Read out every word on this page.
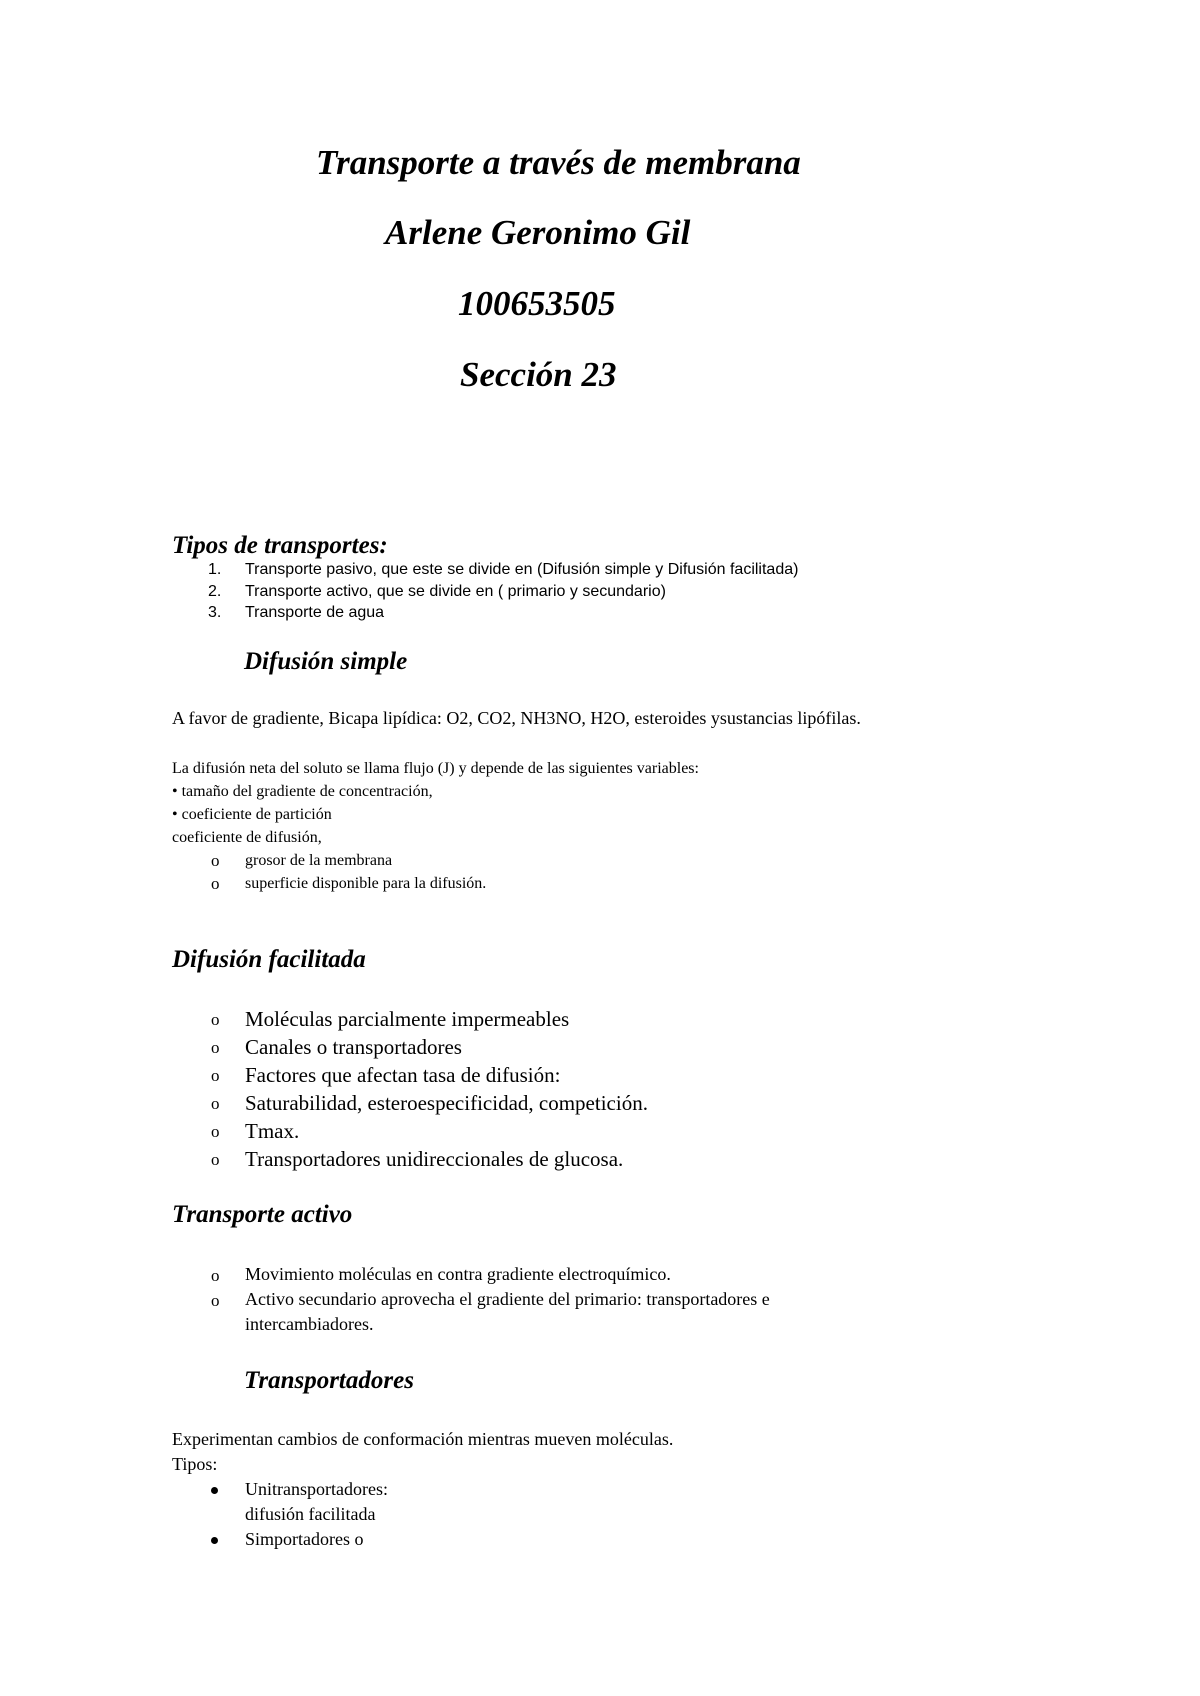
Transporte a través de membrana
Arlene Geronimo Gil
100653505
Sección 23
Tipos de transportes:
1. Transporte pasivo, que este se divide en (Difusión simple y Difusión facilitada)
2. Transporte activo, que se divide en ( primario y secundario)
3. Transporte de agua
Difusión simple
A favor de gradiente, Bicapa lipídica: O2, CO2, NH3NO, H2O, esteroides ysustancias lipófilas.
La difusión neta del soluto se llama flujo (J) y depende de las siguientes variables:
• tamaño del gradiente de concentración,
• coeficiente de partición
coeficiente de difusión,
o grosor de la membrana
o superficie disponible para la difusión.
Difusión facilitada
o Moléculas parcialmente impermeables
o Canales o transportadores
o Factores que afectan tasa de difusión:
o Saturabilidad, esteroespecificidad, competición.
o Tmax.
o Transportadores unidireccionales de glucosa.
Transporte activo
o Movimiento moléculas en contra gradiente electroquímico.
o Activo secundario aprovecha el gradiente del primario: transportadores e
intercambiadores.
Transportadores
Experimentan cambios de conformación mientras mueven moléculas.
Tipos:
Unitransportadores:
difusión facilitada
Simportadores o
